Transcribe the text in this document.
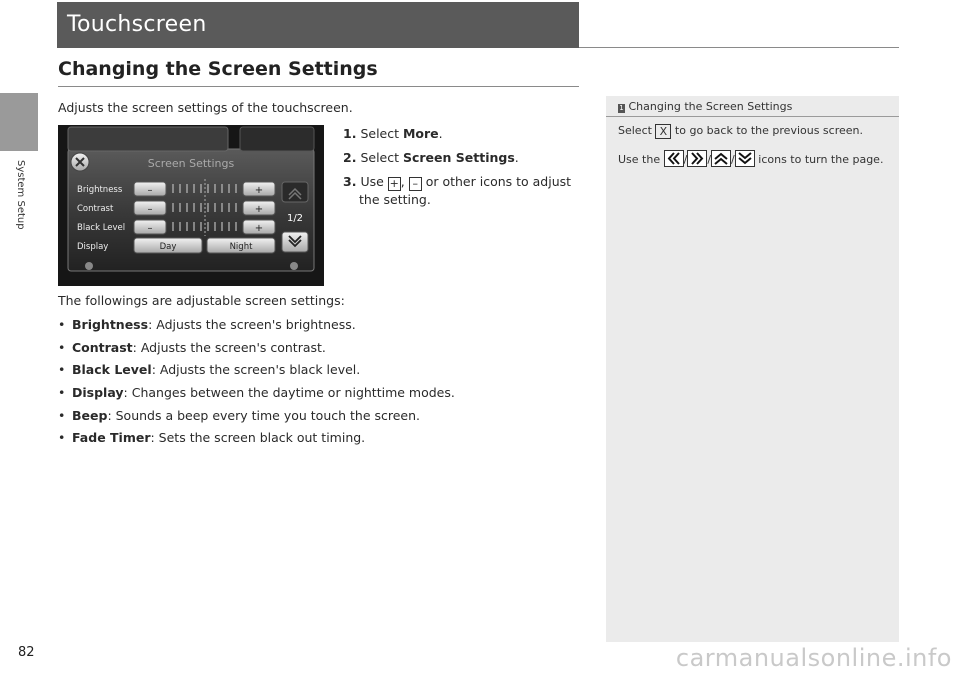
System Setup
Touchscreen
Changing the Screen Settings
Adjusts the screen settings of the touchscreen.
Screen Settings
Brightness
Contrast
Black Level
Display
–
–
–
+
+
+
Day	Night
1/2
1. Select More.
2. Select Screen Settings.
3. Use + , – or other icons to adjust
the setting.
The followings are adjustable screen settings:
• Brightness: Adjusts the screen's brightness.
• Contrast: Adjusts the screen's contrast.
• Black Level: Adjusts the screen's black level.
• Display: Changes between the daytime or nighttime modes.
• Beep: Sounds a beep every time you touch the screen.
• Fade Timer: Sets the screen black out timing.
1 Changing the Screen Settings
Select X to go back to the previous screen.
Use the
/ / /
icons to turn the page.
82	carmanualsonline.info
